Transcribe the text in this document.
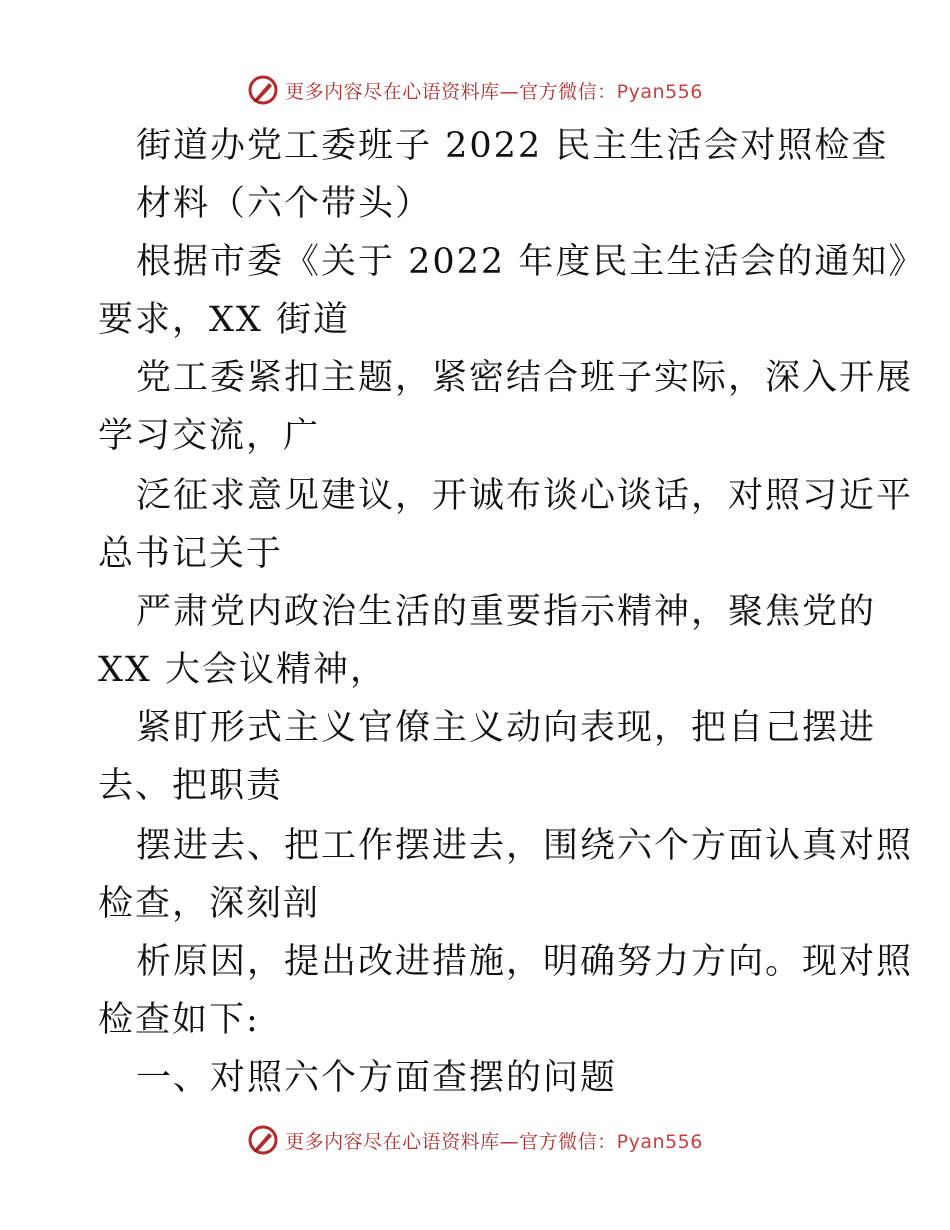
更多内容尽在心语资料库—官方微信：Pyan556
街道办党工委班子 2022 民主生活会对照检查
材料（六个带头）
根据市委《关于 2022 年度民主生活会的通知》
要求，XX 街道
党工委紧扣主题，紧密结合班子实际，深入开展
学习交流，广
泛征求意见建议，开诚布谈心谈话，对照习近平
总书记关于
严肃党内政治生活的重要指示精神，聚焦党的
XX 大会议精神，
紧盯形式主义官僚主义动向表现，把自己摆进
去、把职责
摆进去、把工作摆进去，围绕六个方面认真对照
检查，深刻剖
析原因，提出改进措施，明确努力方向。现对照
检查如下:
一、对照六个方面查摆的问题
更多内容尽在心语资料库—官方微信：Pyan556
